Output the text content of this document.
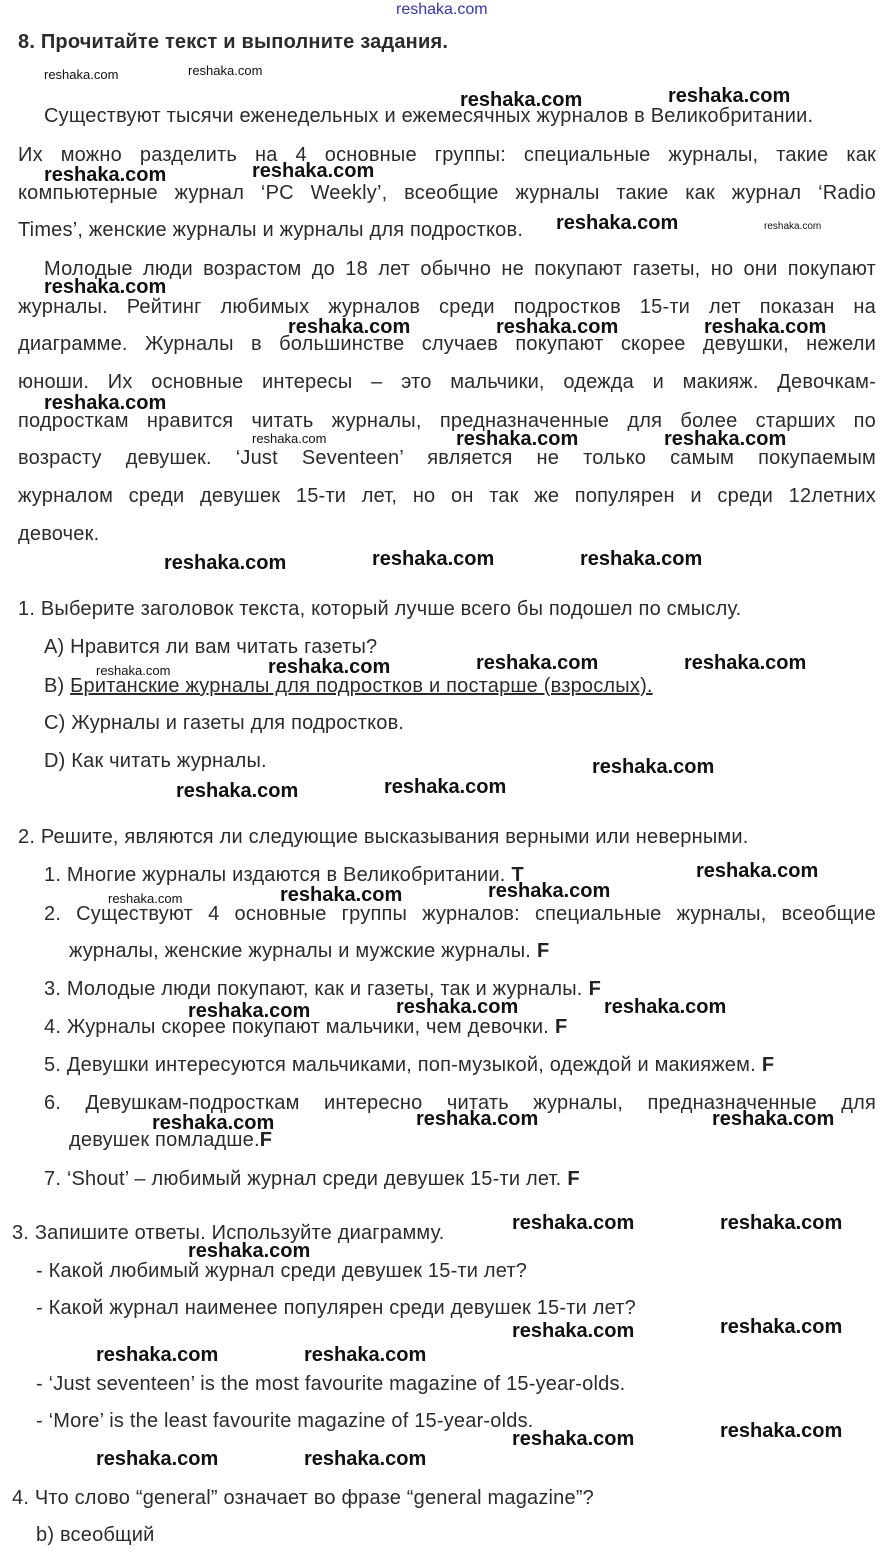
reshaka.com
8. Прочитайте текст и выполните задания.
Существуют тысячи еженедельных и ежемесячных журналов в Великобритании.
Их можно разделить на 4 основные группы: специальные журналы, такие как
компьютерные журнал ‘PC Weekly’, всеобщие журналы такие как журнал ‘Radio
Times’, женские журналы и журналы для подростков.
Молодые люди возрастом до 18 лет обычно не покупают газеты, но они покупают
журналы. Рейтинг любимых журналов среди подростков 15-ти лет показан на
диаграмме. Журналы в большинстве случаев покупают скорее девушки, нежели
юноши. Их основные интересы – это мальчики, одежда и макияж. Девочкам-
подросткам нравится читать журналы, предназначенные для более старших по
возрасту девушек. ‘Just Seventeen’ является не только самым покупаемым
журналом среди девушек 15-ти лет, но он так же популярен и среди 12летних
девочек.
1. Выберите заголовок текста, который лучше всего бы подошел по смыслу.
A) Нравится ли вам читать газеты?
B) Британские журналы для подростков и постарше (взрослых).
C) Журналы и газеты для подростков.
D) Как читать журналы.
2. Решите, являются ли следующие высказывания верными или неверными.
1. Многие журналы издаются в Великобритании. T
2. Существуют 4 основные группы журналов: специальные журналы, всеобщие
журналы, женские журналы и мужские журналы. F
3. Молодые люди покупают, как и газеты, так и журналы. F
4. Журналы скорее покупают мальчики, чем девочки. F
5. Девушки интересуются мальчиками, поп-музыкой, одеждой и макияжем. F
6. Девушкам-подросткам интересно читать журналы, предназначенные для
девушек помладше.F
7. ‘Shout’ – любимый журнал среди девушек 15-ти лет. F
3. Запишите ответы. Используйте диаграмму.
- Какой любимый журнал среди девушек 15-ти лет?
- Какой журнал наименее популярен среди девушек 15-ти лет?
- ‘Just seventeen’ is the most favourite magazine of 15-year-olds.
- ‘More’ is the least favourite magazine of 15-year-olds.
4. Что слово “general” означает во фразе “general magazine”?
b) всеобщий
reshaka.com	reshaka.com
reshaka.com	reshaka.com
reshaka.com	reshaka.com
reshaka.com	reshaka.com
reshaka.com
reshaka.com	reshaka.com	reshaka.com
reshaka.com
reshaka.com	reshaka.com	reshaka.com
reshaka.com	reshaka.com	reshaka.com
reshaka.com	reshaka.com	reshaka.com	reshaka.com
reshaka.com
reshaka.com	reshaka.com
reshaka.com
reshaka.com	reshaka.com	reshaka.com
reshaka.com	reshaka.com	reshaka.com
reshaka.com	reshaka.com	reshaka.com
reshaka.com	reshaka.com
reshaka.com
reshaka.com	reshaka.com
reshaka.com	reshaka.com
reshaka.com	reshaka.com
reshaka.com	reshaka.com
